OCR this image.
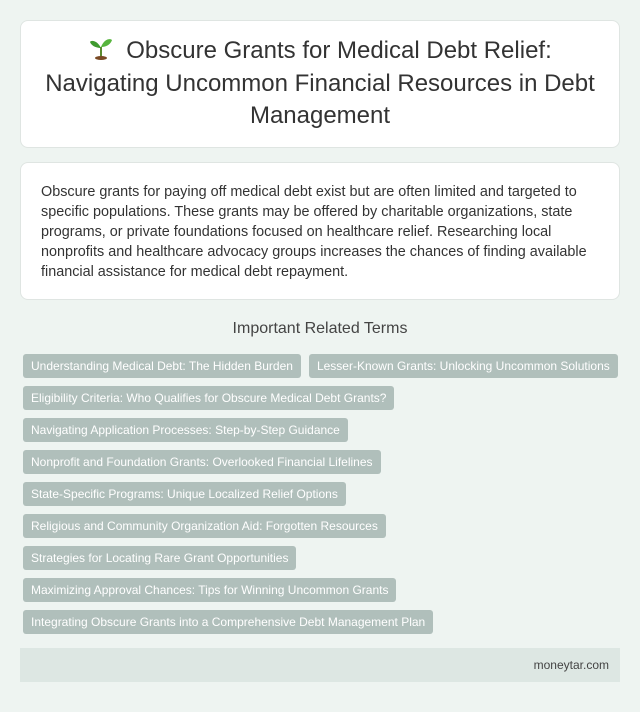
Obscure Grants for Medical Debt Relief: Navigating Uncommon Financial Resources in Debt Management

Obscure grants for paying off medical debt exist but are often limited and targeted to specific populations. These grants may be offered by charitable organizations, state programs, or private foundations focused on healthcare relief. Researching local nonprofits and healthcare advocacy groups increases the chances of finding available financial assistance for medical debt repayment.

Important Related Terms
Understanding Medical Debt: The Hidden Burden	Lesser-Known Grants: Unlocking Uncommon Solutions
Eligibility Criteria: Who Qualifies for Obscure Medical Debt Grants?
Navigating Application Processes: Step-by-Step Guidance
Nonprofit and Foundation Grants: Overlooked Financial Lifelines
State-Specific Programs: Unique Localized Relief Options
Religious and Community Organization Aid: Forgotten Resources
Strategies for Locating Rare Grant Opportunities
Maximizing Approval Chances: Tips for Winning Uncommon Grants
Integrating Obscure Grants into a Comprehensive Debt Management Plan
moneytar.com
